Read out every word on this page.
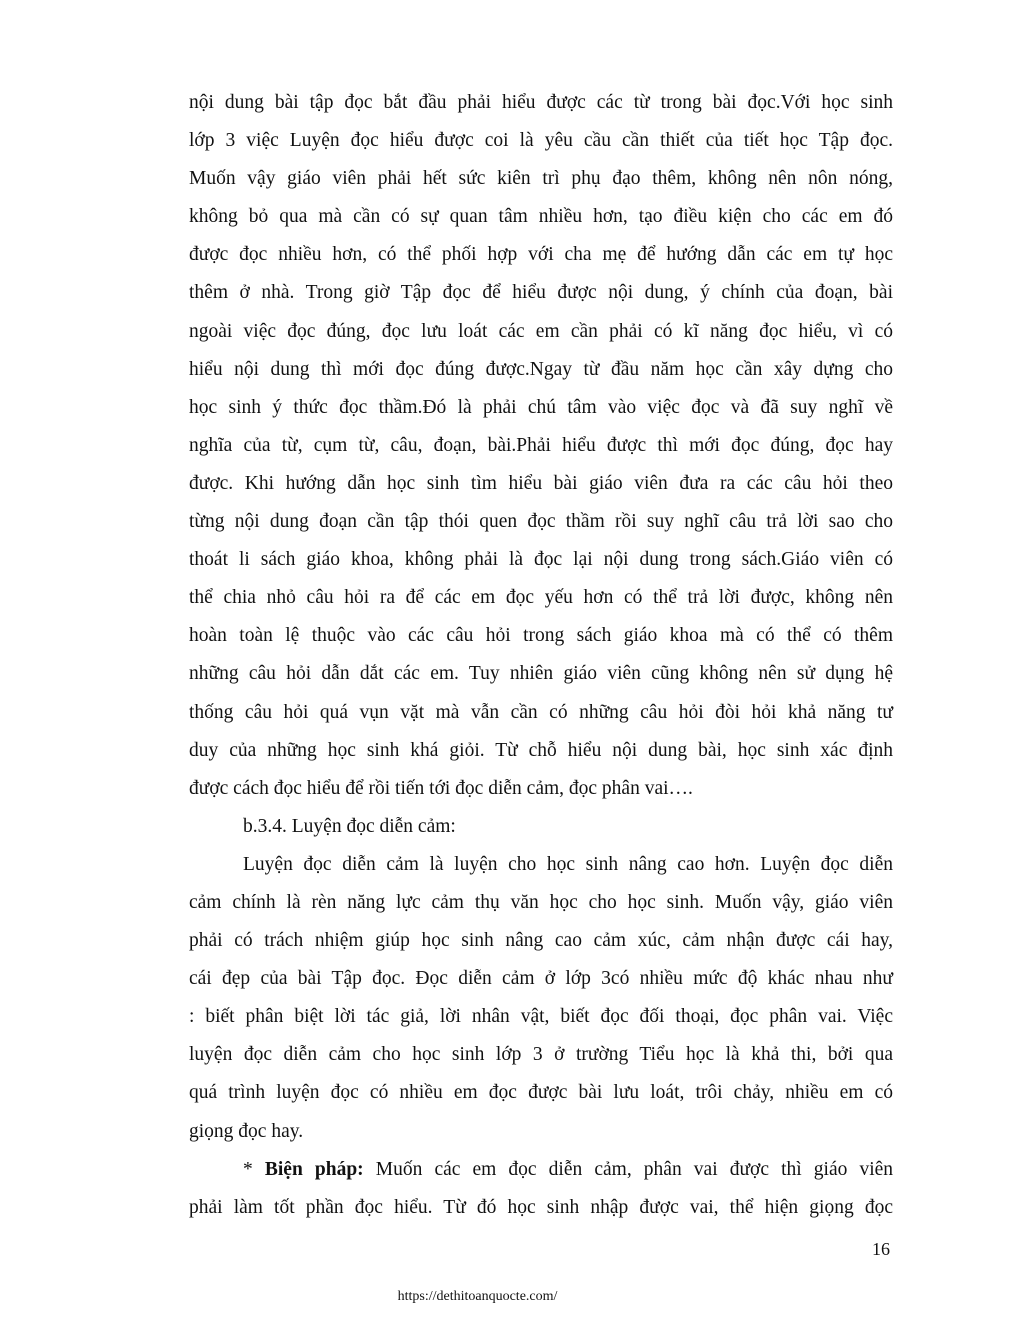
nội dung bài tập đọc bắt đầu phải hiểu được các từ trong bài đọc.Với học sinh
lớp 3 việc Luyện đọc hiểu được coi là yêu cầu cần thiết của tiết học Tập đọc.
Muốn vậy giáo viên phải hết sức kiên trì phụ đạo thêm, không nên nôn nóng,
không bỏ qua mà cần có sự quan tâm nhiều hơn, tạo điều kiện cho các em đó
được đọc nhiều hơn, có thể phối hợp với cha mẹ để hướng dẫn các em tự học
thêm ở nhà. Trong giờ Tập đọc để hiểu được nội dung, ý chính của đoạn, bài
ngoài việc đọc đúng, đọc lưu loát các em cần phải có kĩ năng đọc hiểu, vì có
hiểu nội dung thì mới đọc đúng được.Ngay từ đầu năm học cần xây dựng cho
học sinh ý thức đọc thầm.Đó là phải chú tâm vào việc đọc và đã suy nghĩ về
nghĩa của từ, cụm từ, câu, đoạn, bài.Phải hiểu được thì mới đọc đúng, đọc hay
được. Khi hướng dẫn học sinh tìm hiểu bài giáo viên đưa ra các câu hỏi theo
từng nội dung đoạn cần tập thói quen đọc thầm rồi suy nghĩ câu trả lời sao cho
thoát li sách giáo khoa, không phải là đọc lại nội dung trong sách.Giáo viên có
thể chia nhỏ câu hỏi ra để các em đọc yếu hơn có thể trả lời được, không nên
hoàn toàn lệ thuộc vào các câu hỏi trong sách giáo khoa mà có thể có thêm
những câu hỏi dẫn dắt các em. Tuy nhiên giáo viên cũng không nên sử dụng hệ
thống câu hỏi quá vụn vặt mà vẫn cần có những câu hỏi đòi hỏi khả năng tư
duy của những học sinh khá giỏi. Từ chỗ hiểu nội dung bài, học sinh xác định
được cách đọc hiểu để rồi tiến tới đọc diễn cảm, đọc phân vai….
b.3.4. Luyện đọc diễn cảm:
Luyện đọc diễn cảm là luyện cho học sinh nâng cao hơn. Luyện đọc diễn
cảm chính là rèn năng lực cảm thụ văn học cho học sinh. Muốn vậy, giáo viên
phải có trách nhiệm giúp học sinh nâng cao cảm xúc, cảm nhận được cái hay,
cái đẹp của bài Tập đọc. Đọc diễn cảm ở lớp 3có nhiều mức độ khác nhau như
: biết phân biệt lời tác giả, lời nhân vật, biết đọc đối thoại, đọc phân vai. Việc
luyện đọc diễn cảm cho học sinh lớp 3 ở trường Tiểu học là khả thi, bởi qua
quá trình luyện đọc có nhiều em đọc được bài lưu loát, trôi chảy, nhiều em có
giọng đọc hay.
* Biện pháp: Muốn các em đọc diễn cảm, phân vai được thì giáo viên
phải làm tốt phần đọc hiểu. Từ đó học sinh nhập được vai, thể hiện giọng đọc
16
https://dethitoanquocte.com/
